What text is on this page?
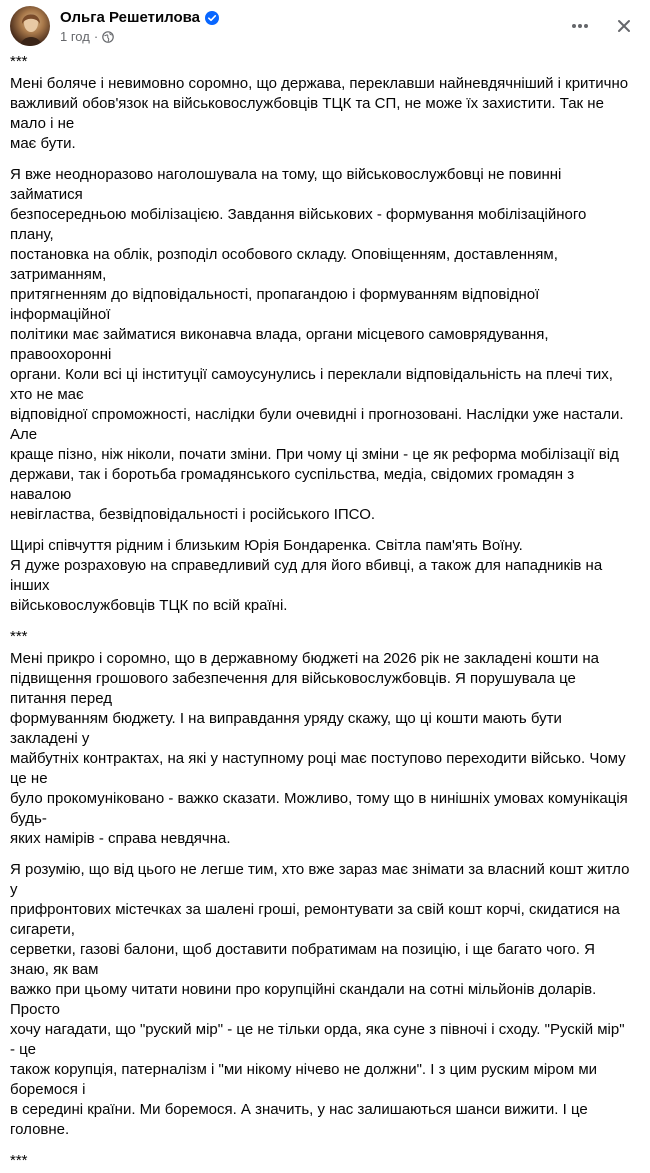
Ольга Решетилова
1 год ·

***

Мені боляче і невимовно соромно, що держава, переклавши найневдячніший і критично
важливий обов'язок на військовослужбовців ТЦК та СП, не може їх захистити. Так не мало і не
має бути.

Я вже неодноразово наголошувала на тому, що військовослужбовці не повинні займатися
безпосередньою мобілізацією. Завдання військових - формування мобілізаційного плану,
постановка на облік, розподіл особового складу. Оповіщенням, доставленням, затриманням,
притягненням до відповідальності, пропагандою і формуванням відповідної інформаційної
політики має займатися виконавча влада, органи місцевого самоврядування, правоохоронні
органи. Коли всі ці інституції самоусунулись і переклали відповідальність на плечі тих, хто не має
відповідної спроможності, наслідки були очевидні і прогнозовані. Наслідки уже настали. Але
краще пізно, ніж ніколи, почати зміни. При чому ці зміни - це як реформа мобілізації від
держави, так і боротьба громадянського суспільства, медіа, свідомих громадян з навалою
невігластва, безвідповідальності і російського ІПСО.

Щирі співчуття рідним і близьким Юрія Бондаренка. Світла пам'ять Воїну.
Я дуже розраховую на справедливий суд для його вбивці, а також для нападників на інших
військовослужбовців ТЦК по всій країні.

***

Мені прикро і соромно, що в державному бюджеті на 2026 рік не закладені кошти на
підвищення грошового забезпечення для військовослужбовців. Я порушувала це питання перед
формуванням бюджету. І на виправдання уряду скажу, що ці кошти мають бути закладені у
майбутніх контрактах, на які у наступному році має поступово переходити військо. Чому це не
було прокомуніковано - важко сказати. Можливо, тому що в нинішніх умовах комунікація будь-
яких намірів - справа невдячна.

Я розумію, що від цього не легше тим, хто вже зараз має знімати за власний кошт житло у
прифронтових містечках за шалені гроші, ремонтувати за свій кошт корчі, скидатися на сигарети,
серветки, газові балони, щоб доставити побратимам на позицію, і ще багато чого. Я знаю, як вам
важко при цьому читати новини про корупційні скандали на сотні мільйонів доларів. Просто
хочу нагадати, що "руский мір" - це не тільки орда, яка суне з півночі і сходу. "Рускій мір" - це
також корупція, патерналізм і "ми нікому нічево не должни". І з цим руским міром ми боремося і
в середині країни. Ми боремося. А значить, у нас залишаються шанси вижити. І це головне.

***
